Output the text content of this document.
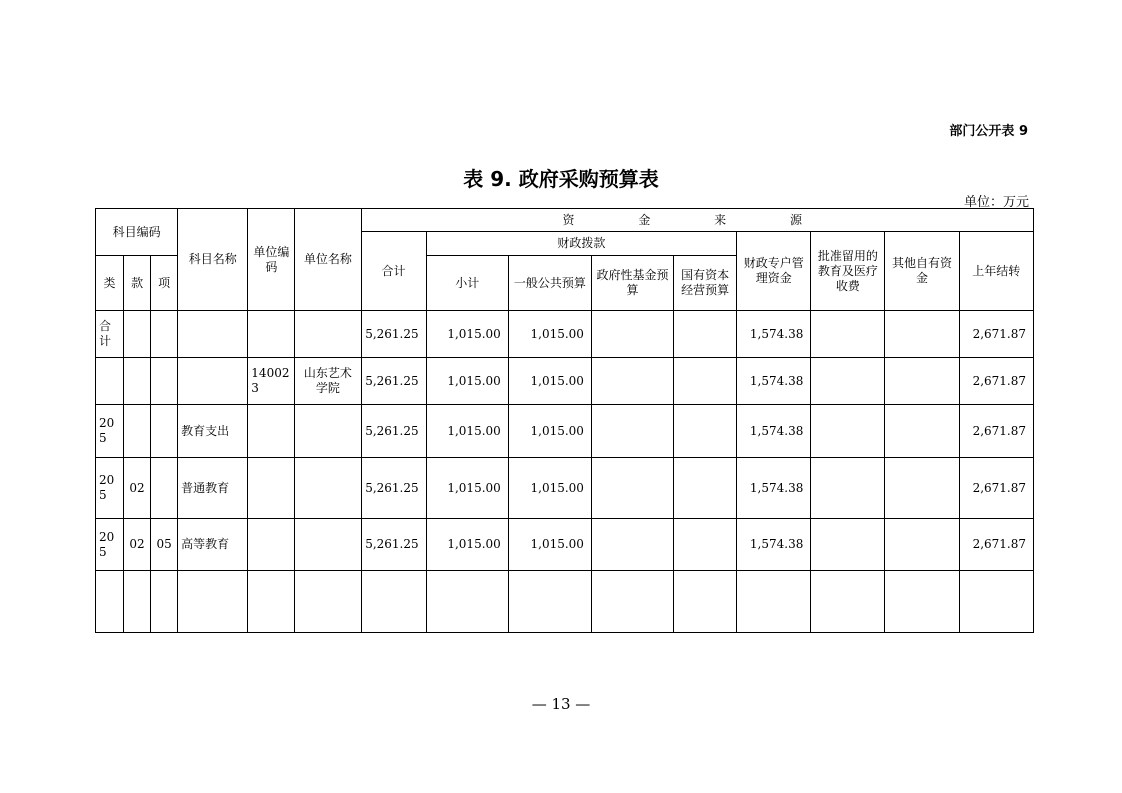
部门公开表 9
表 9. 政府采购预算表
单位：万元
科目编码			科目名称	单位编码	单位名称	资 金 来 源								
						合计	财政拨款				财政专户管理资金	批准留用的教育及医疗收费	其他自有资金	上年结转
类	款	项					小计	一般公共预算	政府性基金预算	国有资本经营预算				
合计						5,261.25	1,015.00	1,015.00			1,574.38			2,671.87
				140023	山东艺术学院	5,261.25	1,015.00	1,015.00			1,574.38			2,671.87
205			教育支出			5,261.25	1,015.00	1,015.00			1,574.38			2,671.87
205	02		普通教育			5,261.25	1,015.00	1,015.00			1,574.38			2,671.87
205	02	05	高等教育			5,261.25	1,015.00	1,015.00			1,574.38			2,671.87

— 13 —
